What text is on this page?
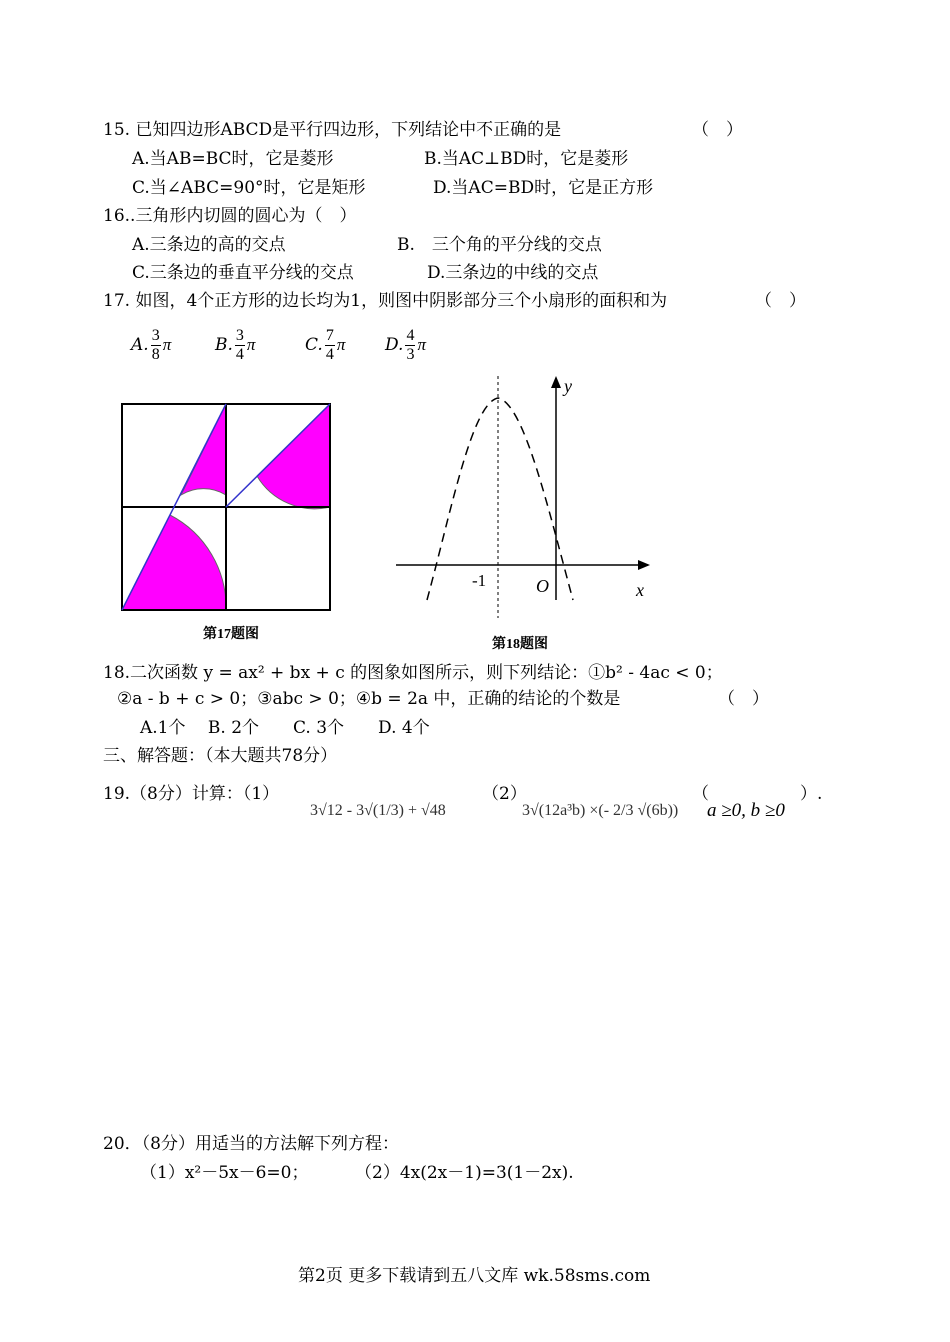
15. 已知四边形ABCD是平行四边形，下列结论中不正确的是	（　）
A.当AB=BC时，它是菱形	B.当AC⊥BD时，它是菱形
C.当∠ABC=90°时，它是矩形	D.当AC=BD时，它是正方形
16..三角形内切圆的圆心为（　）
A.三条边的高的交点	B.　三个角的平分线的交点
C.三条边的垂直平分线的交点	D.三条边的中线的交点
17. 如图，4个正方形的边长均为1，则图中阴影部分三个小扇形的面积和为	（　）
A. $\frac{3}{8}$ π	B. $\frac{3}{4}$ π	C. $\frac{7}{4}$ π D. $\frac{4}{3}$ π
第17题图
y
x
O
-1
第18题图
18.二次函数 y = ax² + bx + c 的图象如图所示，则下列结论：①b² - 4ac < 0；
②a - b + c > 0；③abc > 0；④b = 2a 中，正确的结论的个数是	（　）
A.1个　 B. 2个　　C. 3个　　D. 4个
三、解答题：（本大题共78分）
19.（8分）计算：（1）
3√12 - 3√(1/3) + √48
（2）
3√(12a³b) ×(- 2/3 √(6b))
（
a ≥0, b ≥0
）.
20．（8分）用适当的方法解下列方程：
（1）x²－5x－6=0；	（2）4x(2x－1)=3(1－2x).
第2页 更多下载请到五八文库 wk.58sms.com
